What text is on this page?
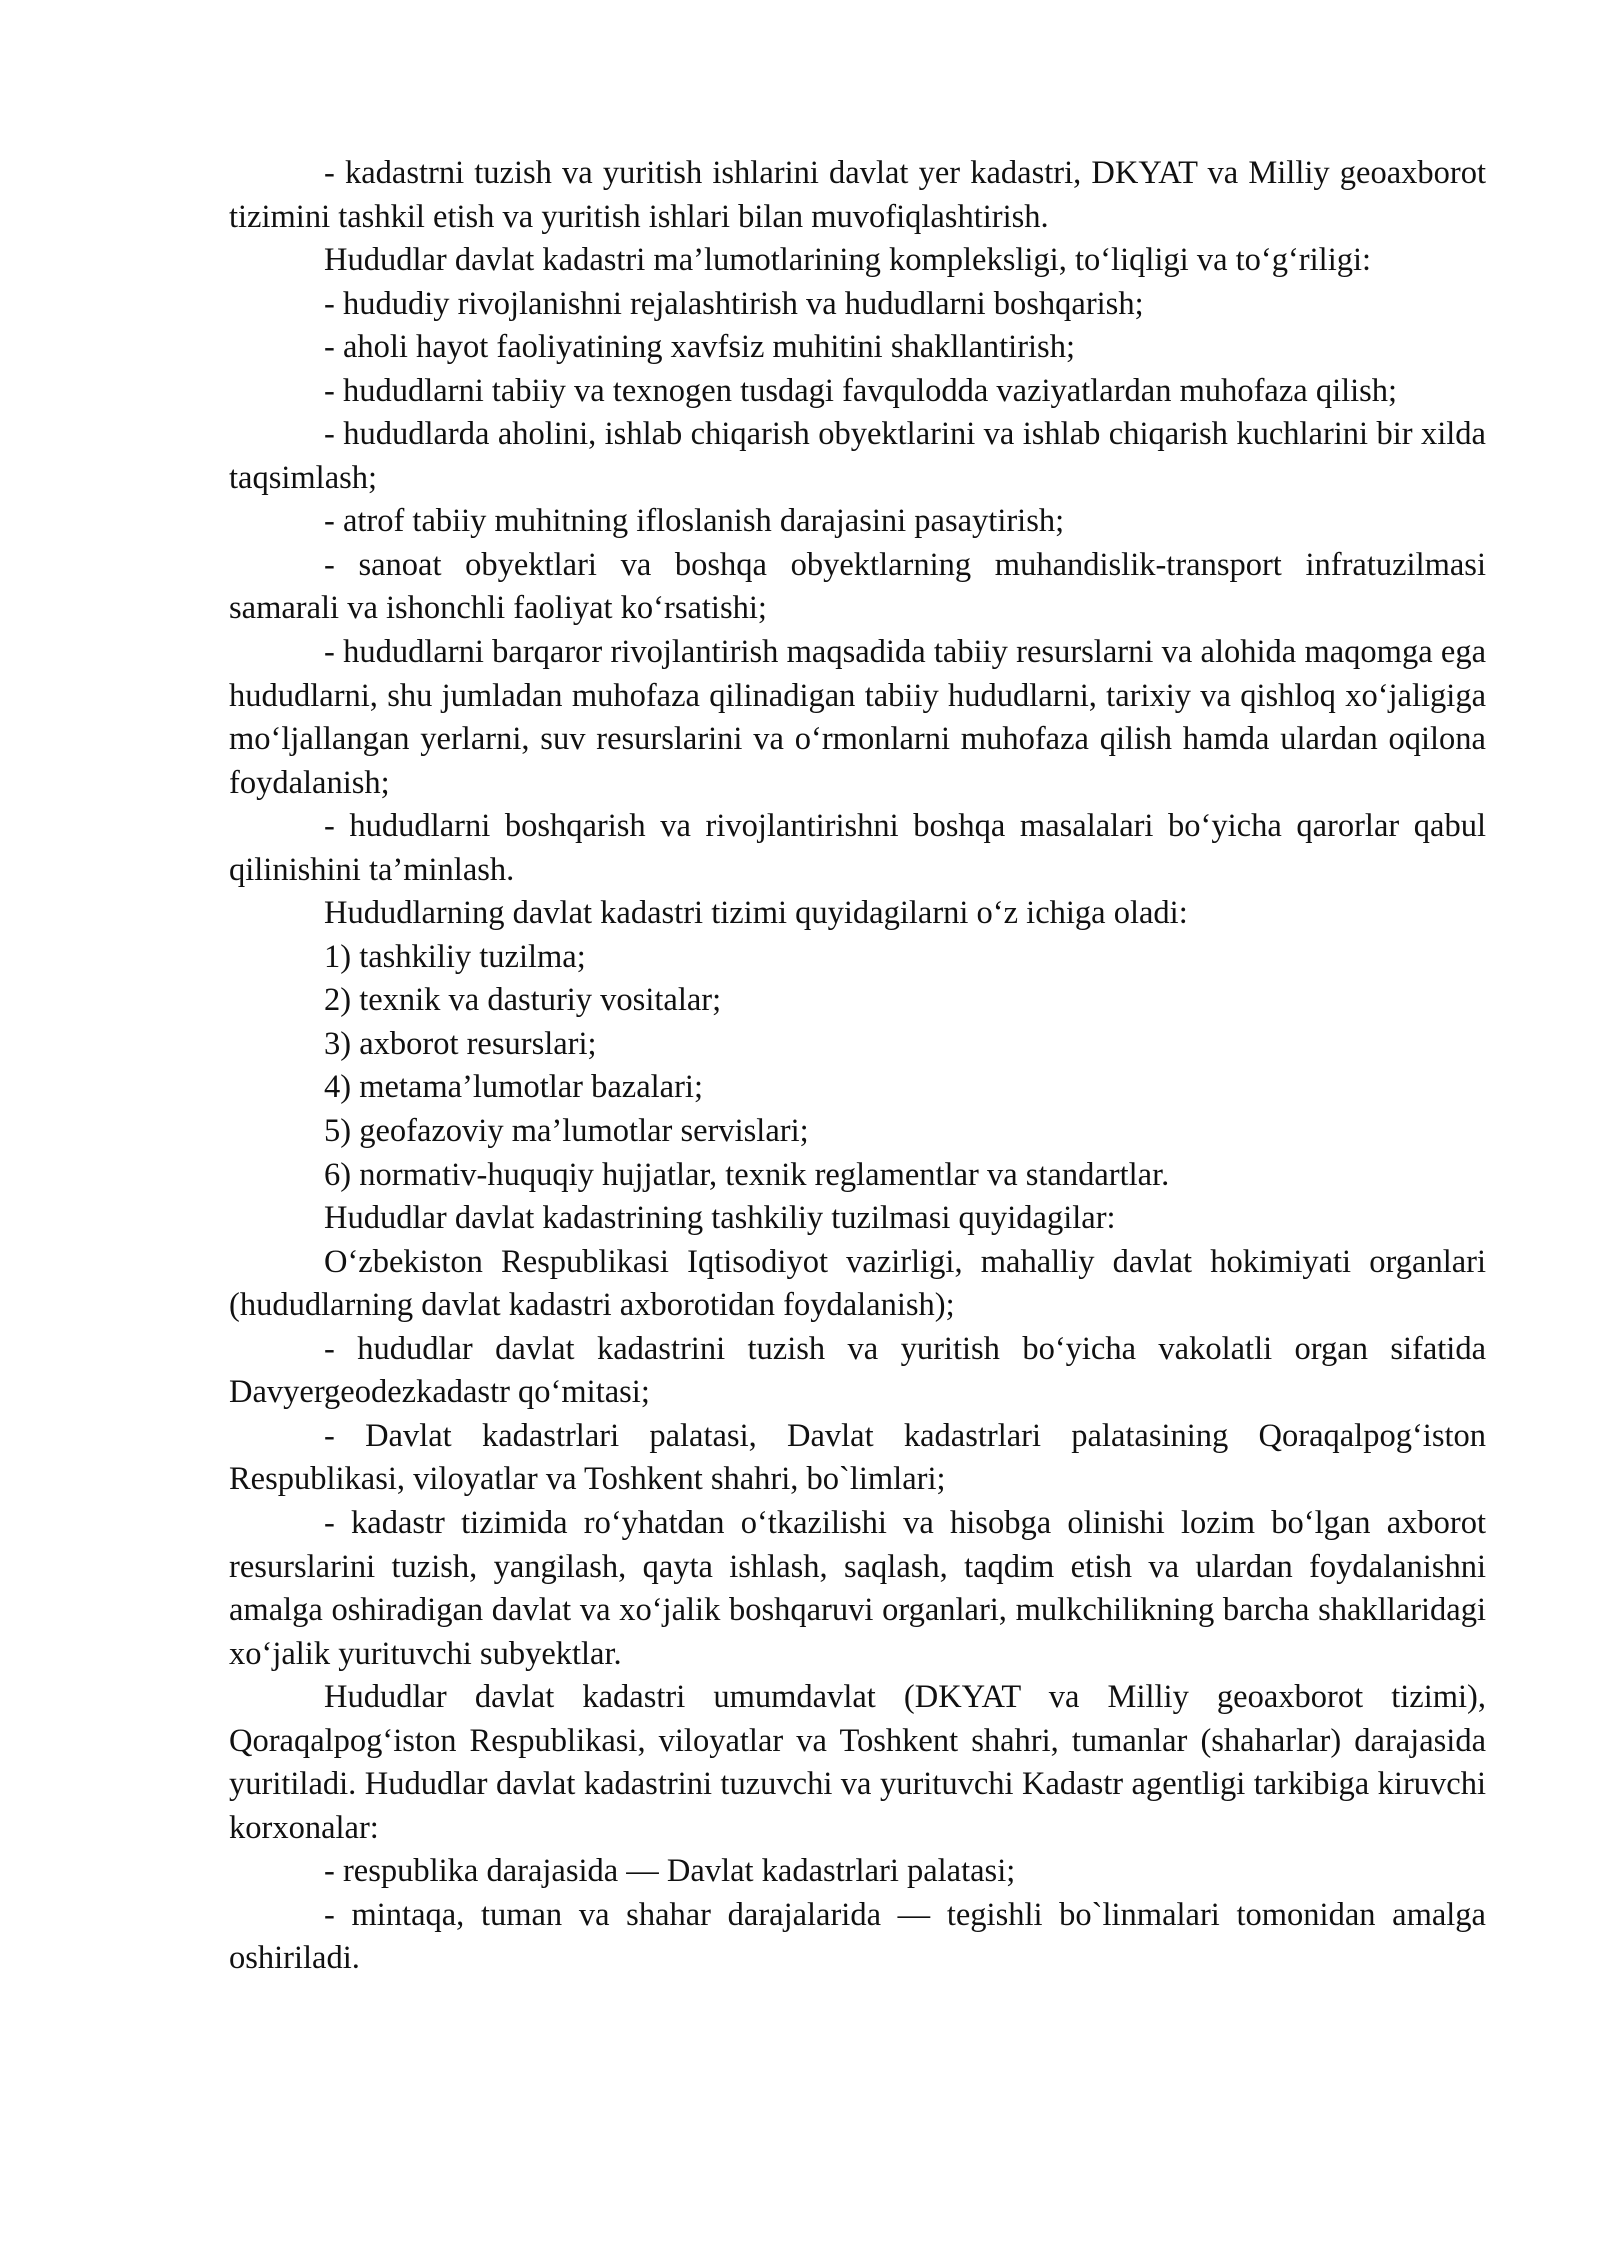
- kadastrni tuzish va yuritish ishlarini davlat yer kadastri, DKYAT va Milliy geoaxborot tizimini tashkil etish va yuritish ishlari bilan muvofiqlashtirish.

Hududlar davlat kadastri ma’lumotlarining kompleksligi, to‘liqligi va to‘g‘riligi:

- hududiy rivojlanishni rejalashtirish va hududlarni boshqarish;

- aholi hayot faoliyatining xavfsiz muhitini shakllantirish;

- hududlarni tabiiy va texnogen tusdagi favqulodda vaziyatlardan muhofaza qilish;

- hududlarda aholini, ishlab chiqarish obyektlarini va ishlab chiqarish kuchlarini bir xilda taqsimlash;

- atrof tabiiy muhitning ifloslanish darajasini pasaytirish;

- sanoat obyektlari va boshqa obyektlarning muhandislik-transport infratuzilmasi samarali va ishonchli faoliyat ko‘rsatishi;

- hududlarni barqaror rivojlantirish maqsadida tabiiy resurslarni va alohida maqomga ega hududlarni, shu jumladan muhofaza qilinadigan tabiiy hududlarni, tarixiy va qishloq xo‘jaligiga mo‘ljallangan yerlarni, suv resurslarini va o‘rmonlarni muhofaza qilish hamda ulardan oqilona foydalanish;

- hududlarni boshqarish va rivojlantirishni boshqa masalalari bo‘yicha qarorlar qabul qilinishini ta’minlash.

Hududlarning davlat kadastri tizimi quyidagilarni o‘z ichiga oladi:

1) tashkiliy tuzilma;

2) texnik va dasturiy vositalar;

3) axborot resurslari;

4) metama’lumotlar bazalari;

5) geofazoviy ma’lumotlar servislari;

6) normativ-huquqiy hujjatlar, texnik reglamentlar va standartlar.

Hududlar davlat kadastrining tashkiliy tuzilmasi quyidagilar:

O‘zbekiston Respublikasi Iqtisodiyot vazirligi, mahalliy davlat hokimiyati organlari (hududlarning davlat kadastri axborotidan foydalanish);

- hududlar davlat kadastrini tuzish va yuritish bo‘yicha vakolatli organ sifatida Davyergeodezkadastr qo‘mitasi;

- Davlat kadastrlari palatasi, Davlat kadastrlari palatasining Qoraqalpog‘iston Respublikasi, viloyatlar va Toshkent shahri, bo`limlari;

- kadastr tizimida ro‘yhatdan o‘tkazilishi va hisobga olinishi lozim bo‘lgan axborot resurslarini tuzish, yangilash, qayta ishlash, saqlash, taqdim etish va ulardan foydalanishni amalga oshiradigan davlat va xo‘jalik boshqaruvi organlari, mulkchilikning barcha shakllaridagi xo‘jalik yurituvchi subyektlar.

Hududlar davlat kadastri umumdavlat (DKYAT va Milliy geoaxborot tizimi), Qoraqalpog‘iston Respublikasi, viloyatlar va Toshkent shahri, tumanlar (shaharlar) darajasida yuritiladi. Hududlar davlat kadastrini tuzuvchi va yurituvchi Kadastr agentligi tarkibiga kiruvchi korxonalar:

- respublika darajasida — Davlat kadastrlari palatasi;

- mintaqa, tuman va shahar darajalarida — tegishli bo`linmalari tomonidan amalga oshiriladi.
